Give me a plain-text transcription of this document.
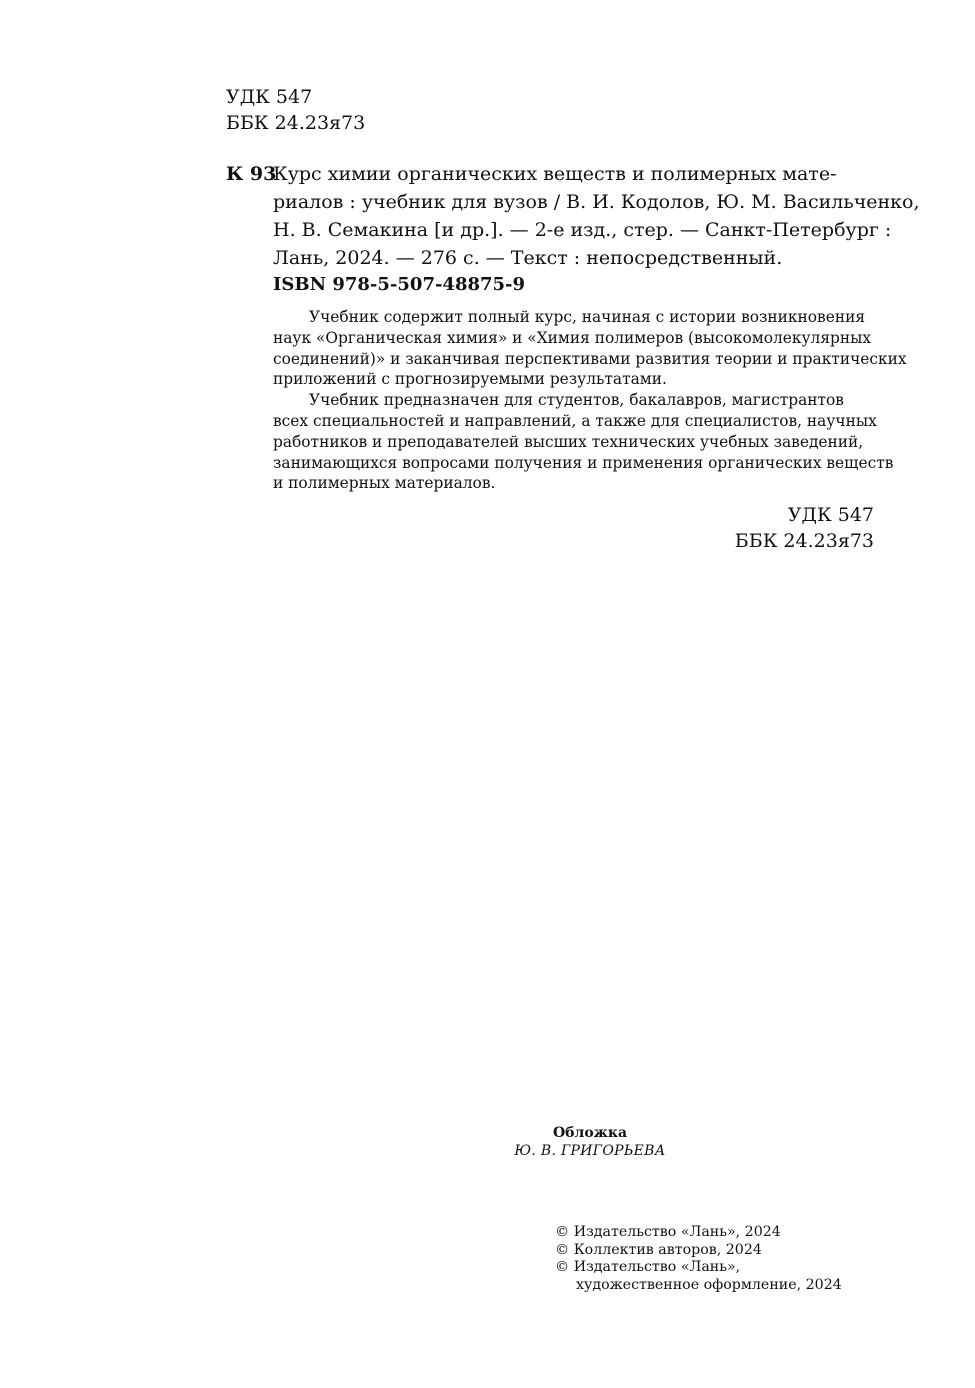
УДК 547
ББК 24.23я73
К 93
Курс химии органических веществ и полимерных мате-
риалов : учебник для вузов / В. И. Кодолов, Ю. М. Васильченко,
Н. В. Семакина [и др.]. — 2-е изд., стер. — Санкт-Петербург :
Лань, 2024. — 276 с. — Текст : непосредственный.
ISBN 978-5-507-48875-9
Учебник содержит полный курс, начиная с истории возникновения
наук «Органическая химия» и «Химия полимеров (высокомолекулярных
соединений)» и заканчивая перспективами развития теории и практических
приложений с прогнозируемыми результатами.
Учебник предназначен для студентов, бакалавров, магистрантов
всех специальностей и направлений, а также для специалистов, научных
работников и преподавателей высших технических учебных заведений,
занимающихся вопросами получения и применения органических веществ
и полимерных материалов.
УДК 547
ББК 24.23я73
Обложка
Ю. В. ГРИГОРЬЕВА
© Издательство «Лань», 2024
© Коллектив авторов, 2024
© Издательство «Лань»,
художественное оформление, 2024
